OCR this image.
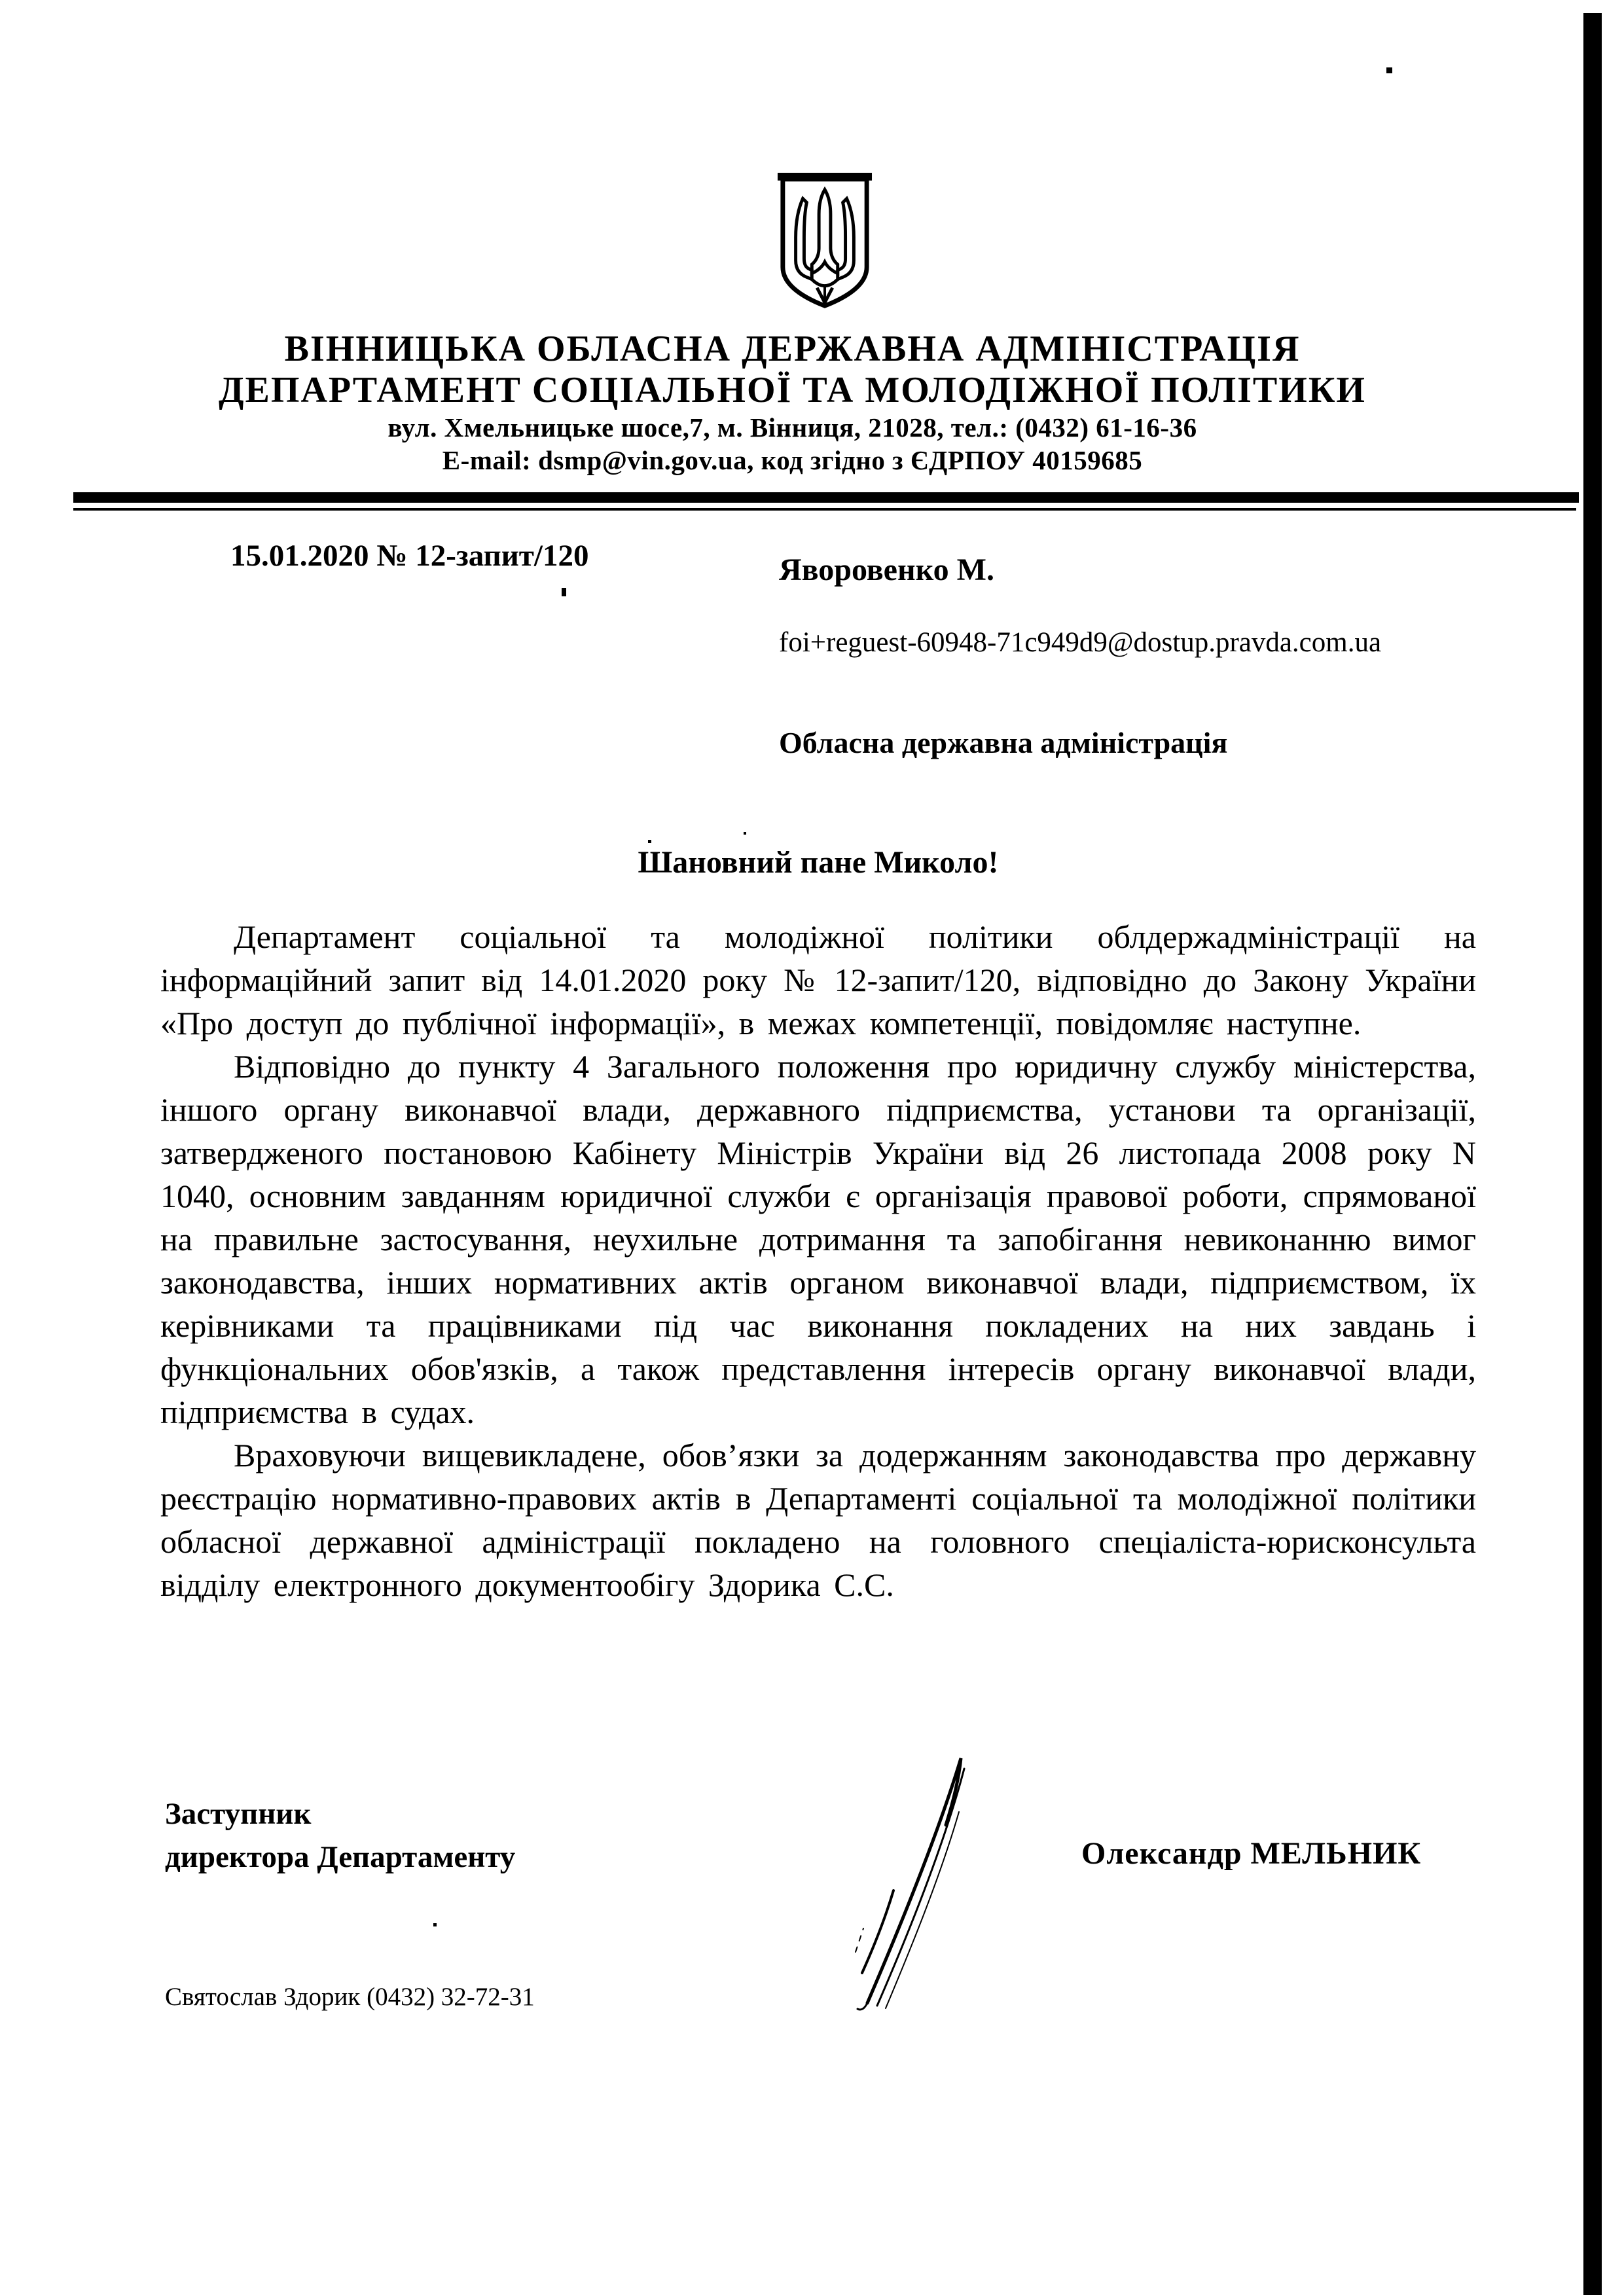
ВІННИЦЬКА ОБЛАСНА ДЕРЖАВНА АДМІНІСТРАЦІЯ
ДЕПАРТАМЕНТ СОЦІАЛЬНОЇ ТА МОЛОДІЖНОЇ ПОЛІТИКИ
вул. Хмельницьке шосе,7, м. Вінниця, 21028, тел.: (0432) 61-16-36
E-mail: dsmp@vin.gov.ua, код згідно з ЄДРПОУ 40159685
15.01.2020 № 12-запит/120	Яворовенко М.
foi+reguest-60948-71c949d9@dostup.pravda.com.ua
Обласна державна адміністрація
Шановний пане Миколо!

Департамент соціальної та молодіжної політики облдержадміністрації на інформаційний запит від 14.01.2020 року № 12-запит/120, відповідно до Закону України «Про доступ до публічної інформації», в межах компетенції, повідомляє наступне.

Відповідно до пункту 4 Загального положення про юридичну службу міністерства, іншого органу виконавчої влади, державного підприємства, установи та організації, затвердженого постановою Кабінету Міністрів України від 26 листопада 2008 року N 1040, основним завданням юридичної служби є організація правової роботи, спрямованої на правильне застосування, неухильне дотримання та запобігання невиконанню вимог законодавства, інших нормативних актів органом виконавчої влади, підприємством, їх керівниками та працівниками під час виконання покладених на них завдань і функціональних обов'язків, а також представлення інтересів органу виконавчої влади, підприємства в судах.

Враховуючи вищевикладене, обов’язки за додержанням законодавства про державну реєстрацію нормативно-правових актів в Департаменті соціальної та молодіжної політики обласної державної адміністрації покладено на головного спеціаліста-юрисконсульта відділу електронного документообігу Здорика С.С.

Заступник
директора Департаменту	Олександр МЕЛЬНИК
Святослав Здорик (0432) 32-72-31
